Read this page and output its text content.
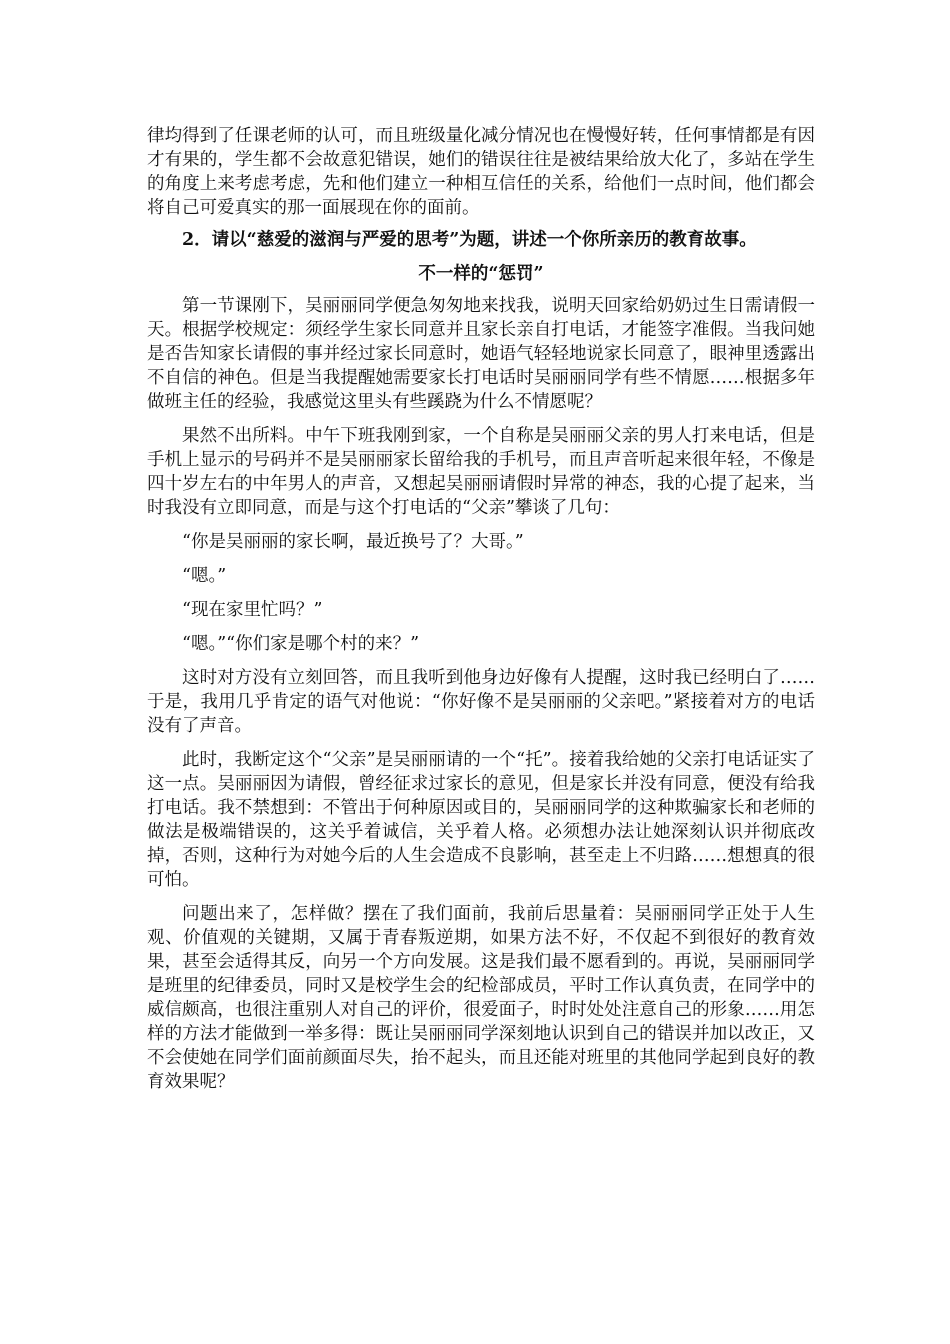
律均得到了任课老师的认可，而且班级量化减分情况也在慢慢好转，任何事情都是有因才有果的，学生都不会故意犯错误，她们的错误往往是被结果给放大化了，多站在学生的角度上来考虑考虑，先和他们建立一种相互信任的关系，给他们一点时间，他们都会将自己可爱真实的那一面展现在你的面前。

2．请以“慈爱的滋润与严爱的思考”为题，讲述一个你所亲历的教育故事。

不一样的“惩罚”

第一节课刚下，吴丽丽同学便急匆匆地来找我，说明天回家给奶奶过生日需请假一天。根据学校规定：须经学生家长同意并且家长亲自打电话，才能签字准假。当我问她是否告知家长请假的事并经过家长同意时，她语气轻轻地说家长同意了，眼神里透露出不自信的神色。但是当我提醒她需要家长打电话时吴丽丽同学有些不情愿……根据多年做班主任的经验，我感觉这里头有些蹊跷为什么不情愿呢？

果然不出所料。中午下班我刚到家，一个自称是吴丽丽父亲的男人打来电话，但是手机上显示的号码并不是吴丽丽家长留给我的手机号，而且声音听起来很年轻，不像是四十岁左右的中年男人的声音，又想起吴丽丽请假时异常的神态，我的心提了起来，当时我没有立即同意，而是与这个打电话的“父亲”攀谈了几句：

“你是吴丽丽的家长啊，最近换号了？大哥。”

“嗯。”

“现在家里忙吗？”

“嗯。”“你们家是哪个村的来？”

这时对方没有立刻回答，而且我听到他身边好像有人提醒，这时我已经明白了……于是，我用几乎肯定的语气对他说：“你好像不是吴丽丽的父亲吧。”紧接着对方的电话没有了声音。

此时，我断定这个“父亲”是吴丽丽请的一个“托”。接着我给她的父亲打电话证实了这一点。吴丽丽因为请假，曾经征求过家长的意见，但是家长并没有同意，便没有给我打电话。我不禁想到：不管出于何种原因或目的，吴丽丽同学的这种欺骗家长和老师的做法是极端错误的，这关乎着诚信，关乎着人格。必须想办法让她深刻认识并彻底改掉，否则，这种行为对她今后的人生会造成不良影响，甚至走上不归路……想想真的很可怕。

问题出来了，怎样做？摆在了我们面前，我前后思量着：吴丽丽同学正处于人生观、价值观的关键期，又属于青春叛逆期，如果方法不好，不仅起不到很好的教育效果，甚至会适得其反，向另一个方向发展。这是我们最不愿看到的。再说，吴丽丽同学是班里的纪律委员，同时又是校学生会的纪检部成员，平时工作认真负责，在同学中的威信颇高，也很注重别人对自己的评价，很爱面子，时时处处注意自己的形象……用怎样的方法才能做到一举多得：既让吴丽丽同学深刻地认识到自己的错误并加以改正，又不会使她在同学们面前颜面尽失，抬不起头，而且还能对班里的其他同学起到良好的教育效果呢？
